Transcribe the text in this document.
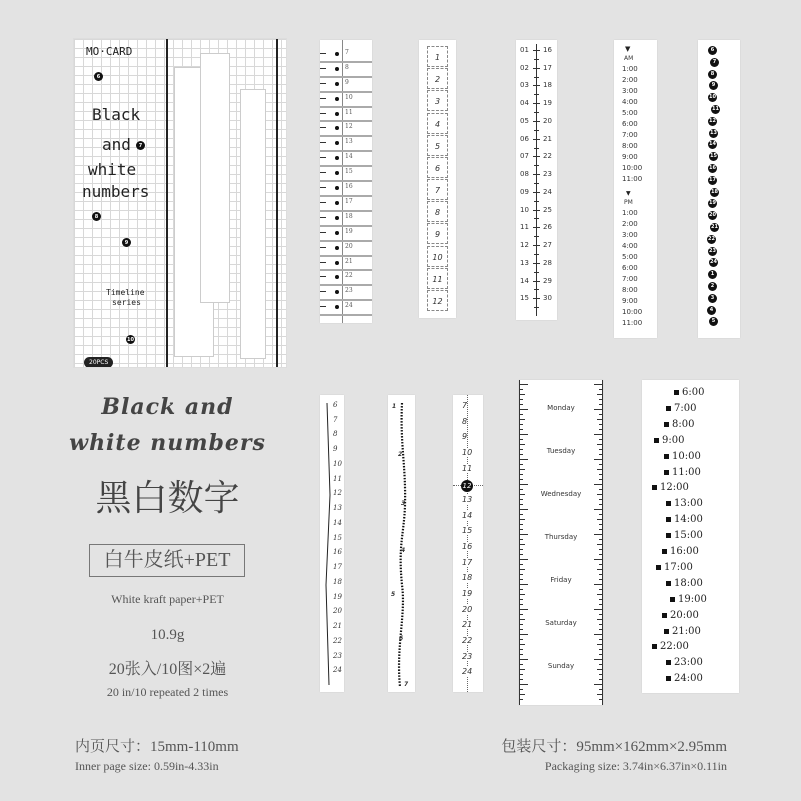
MO·CARD
Black
and
white
numbers
Timeline
series
20PCS
6
7
8
9
10
7
8
9
10
11
12
13
14
15
16
17
18
19
20
21
22
23
24
1
2
3
4
5
6
7
8
9
10
11
12
01 16
02 17
03 18
04 19
05 20
06 21
07 22
08 23
09 24
10 25
11 26
12 27
13 28
14 29
15 30
▼
AM
1:00
2:00
3:00
4:00
5:00
6:00
7:00
8:00
9:00
10:00
11:00
▼
PM
1:00
2:00
3:00
4:00
5:00
6:00
7:00
8:00
9:00
10:00
11:00
6
7
8
9
10
11
12
13
14
15
16
17
18
19
20
21
22
23
24
1
2
3
4
5
6
7
8
9
10
11
12
13
14
15
16
17
18
19
20
21
22
23
24
1
2
3
4
5
6
7
7
8
9
10
11
12
13
14
15
16
17
18
19
20
21
22
23
24
Monday
Tuesday
Wednesday
Thursday
Friday
Saturday
Sunday
6:00
7:00
8:00
9:00
10:00
11:00
12:00
13:00
14:00
15:00
16:00
17:00
18:00
19:00
20:00
21:00
22:00
23:00
24:00
Black and
white numbers
黑白数字
白牛皮纸+PET
White kraft paper+PET
10.9g
20张入/10图×2遍
20 in/10 repeated 2 times
内页尺寸：15mm-110mm
Inner page size: 0.59in-4.33in
包装尺寸：95mm×162mm×2.95mm
Packaging size: 3.74in×6.37in×0.11in
